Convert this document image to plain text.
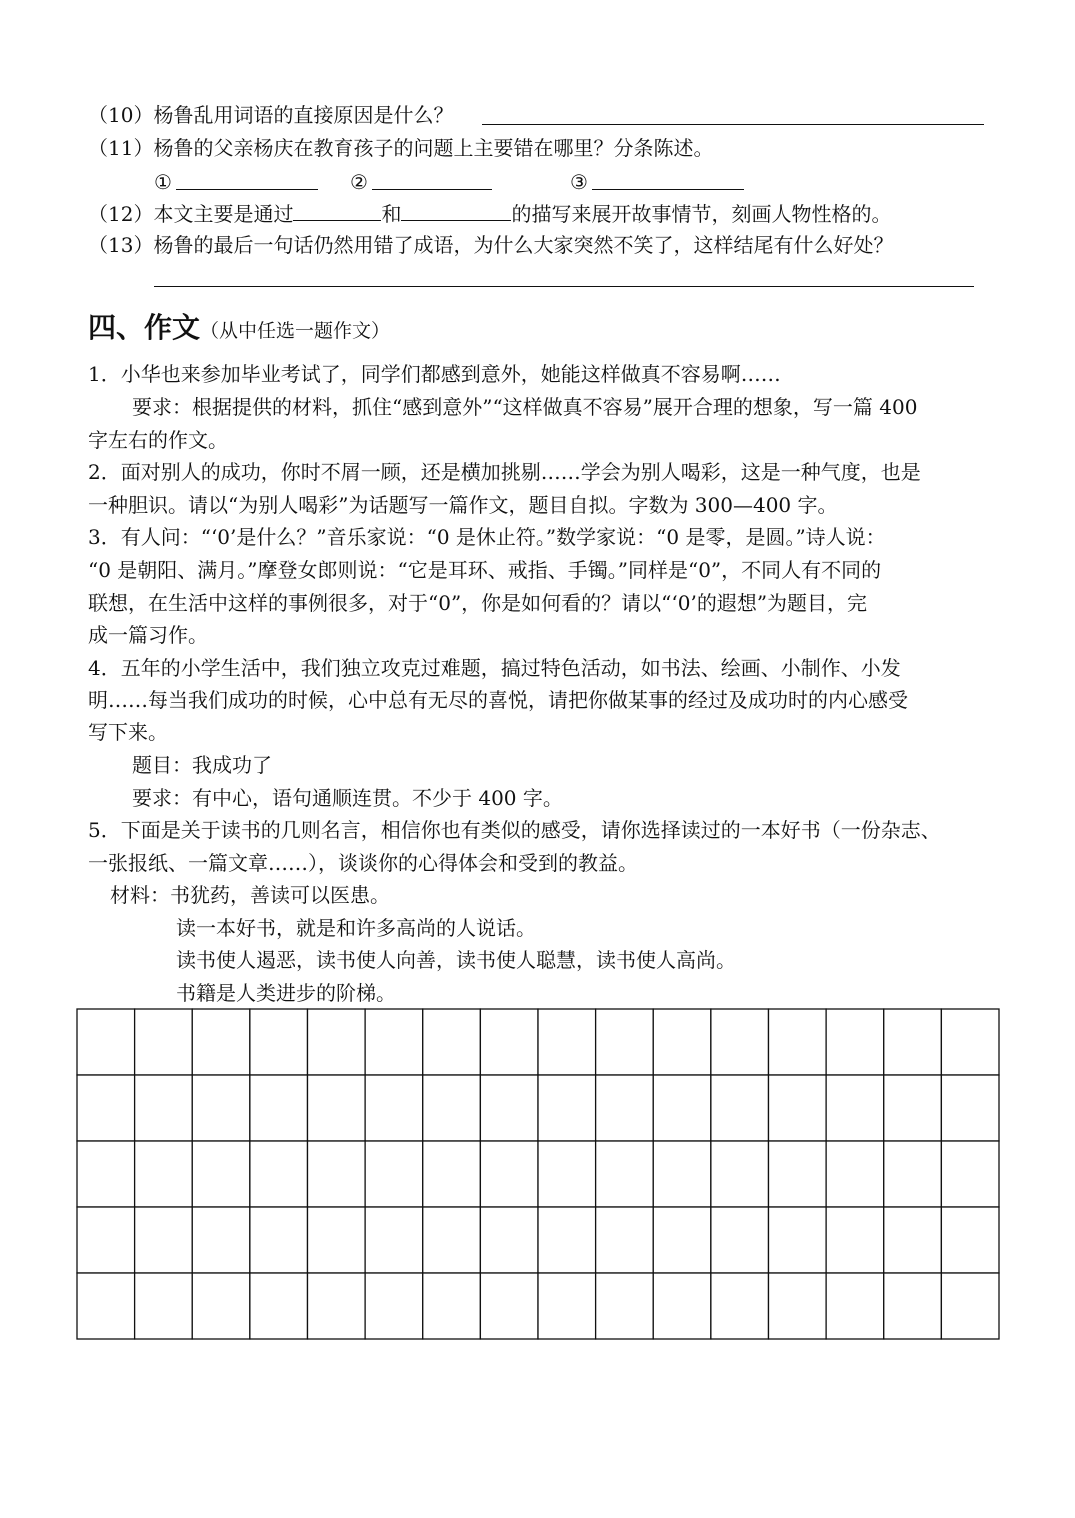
（10）杨鲁乱用词语的直接原因是什么？
（11）杨鲁的父亲杨庆在教育孩子的问题上主要错在哪里？分条陈述。
①	②	③
（12）本文主要是通过	和	的描写来展开故事情节，刻画人物性格的。
（13）杨鲁的最后一句话仍然用错了成语，为什么大家突然不笑了，这样结尾有什么好处？
四、作文（从中任选一题作文）
1．小华也来参加毕业考试了，同学们都感到意外，她能这样做真不容易啊……
要求：根据提供的材料，抓住“感到意外”“这样做真不容易”展开合理的想象，写一篇 400
字左右的作文。
2．面对别人的成功，你时不屑一顾，还是横加挑剔……学会为别人喝彩，这是一种气度，也是
一种胆识。请以“为别人喝彩”为话题写一篇作文，题目自拟。字数为 300—400 字。
3．有人问：“‘0’是什么？”音乐家说：“0 是休止符。”数学家说：“0 是零，是圆。”诗人说：
“0 是朝阳、满月。”摩登女郎则说：“它是耳环、戒指、手镯。”同样是“0”，不同人有不同的
联想，在生活中这样的事例很多，对于“0”，你是如何看的？请以“‘0’的遐想”为题目，完
成一篇习作。
4．五年的小学生活中，我们独立攻克过难题，搞过特色活动，如书法、绘画、小制作、小发
明……每当我们成功的时候，心中总有无尽的喜悦，请把你做某事的经过及成功时的内心感受
写下来。
题目：我成功了
要求：有中心，语句通顺连贯。不少于 400 字。
5．下面是关于读书的几则名言，相信你也有类似的感受，请你选择读过的一本好书（一份杂志、
一张报纸、一篇文章……），谈谈你的心得体会和受到的教益。
材料：书犹药，善读可以医患。
读一本好书，就是和许多高尚的人说话。
读书使人遏恶，读书使人向善，读书使人聪慧，读书使人高尚。
书籍是人类进步的阶梯。
